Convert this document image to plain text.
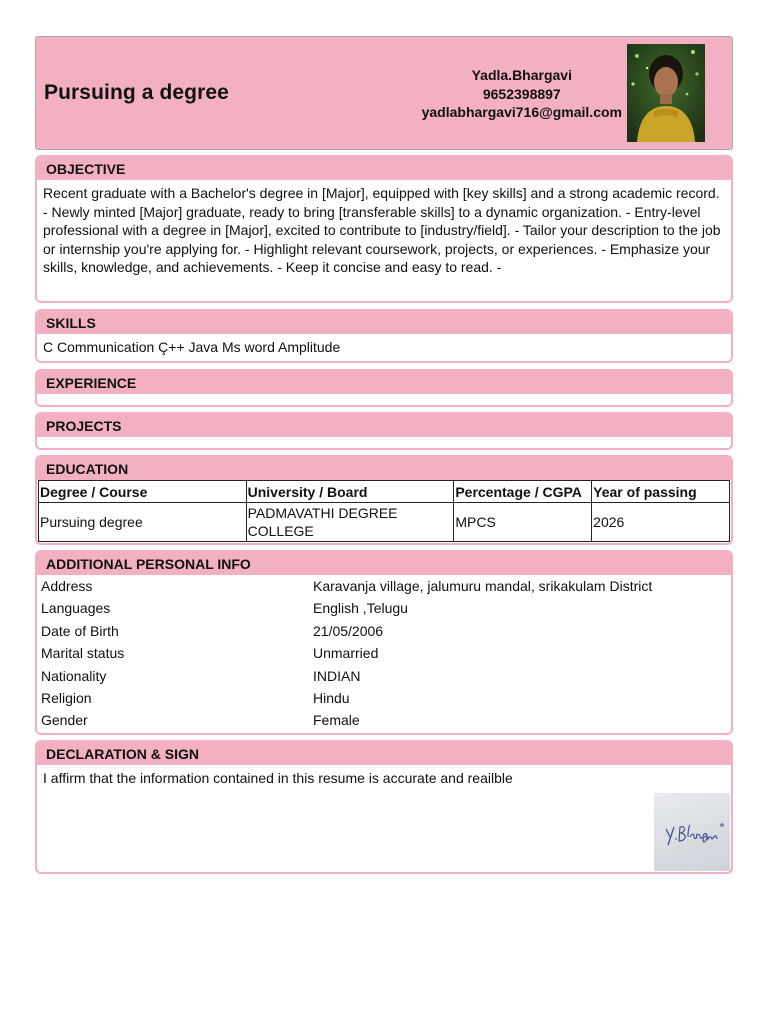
Pursuing a degree
Yadla.Bhargavi
9652398897
yadlabhargavi716@gmail.com
OBJECTIVE
Recent graduate with a Bachelor's degree in [Major], equipped with [key skills] and a strong academic record. - Newly minted [Major] graduate, ready to bring [transferable skills] to a dynamic organization. - Entry-level professional with a degree in [Major], excited to contribute to [industry/field]. - Tailor your description to the job or internship you're applying for. - Highlight relevant coursework, projects, or experiences. - Emphasize your skills, knowledge, and achievements. - Keep it concise and easy to read. -
SKILLS
C Communication Ç++ Java Ms word Amplitude
EXPERIENCE
PROJECTS
EDUCATION
Degree / Course	University / Board	Percentage / CGPA	Year of passing
Pursuing degree	PADMAVATHI DEGREE COLLEGE	MPCS	2026
ADDITIONAL PERSONAL INFO
Address	Karavanja village, jalumuru mandal, srikakulam District
Languages	English ,Telugu
Date of Birth	21/05/2006
Marital status	Unmarried
Nationality	INDIAN
Religion	Hindu
Gender	Female
DECLARATION & SIGN
I affirm that the information contained in this resume is accurate and reailble
